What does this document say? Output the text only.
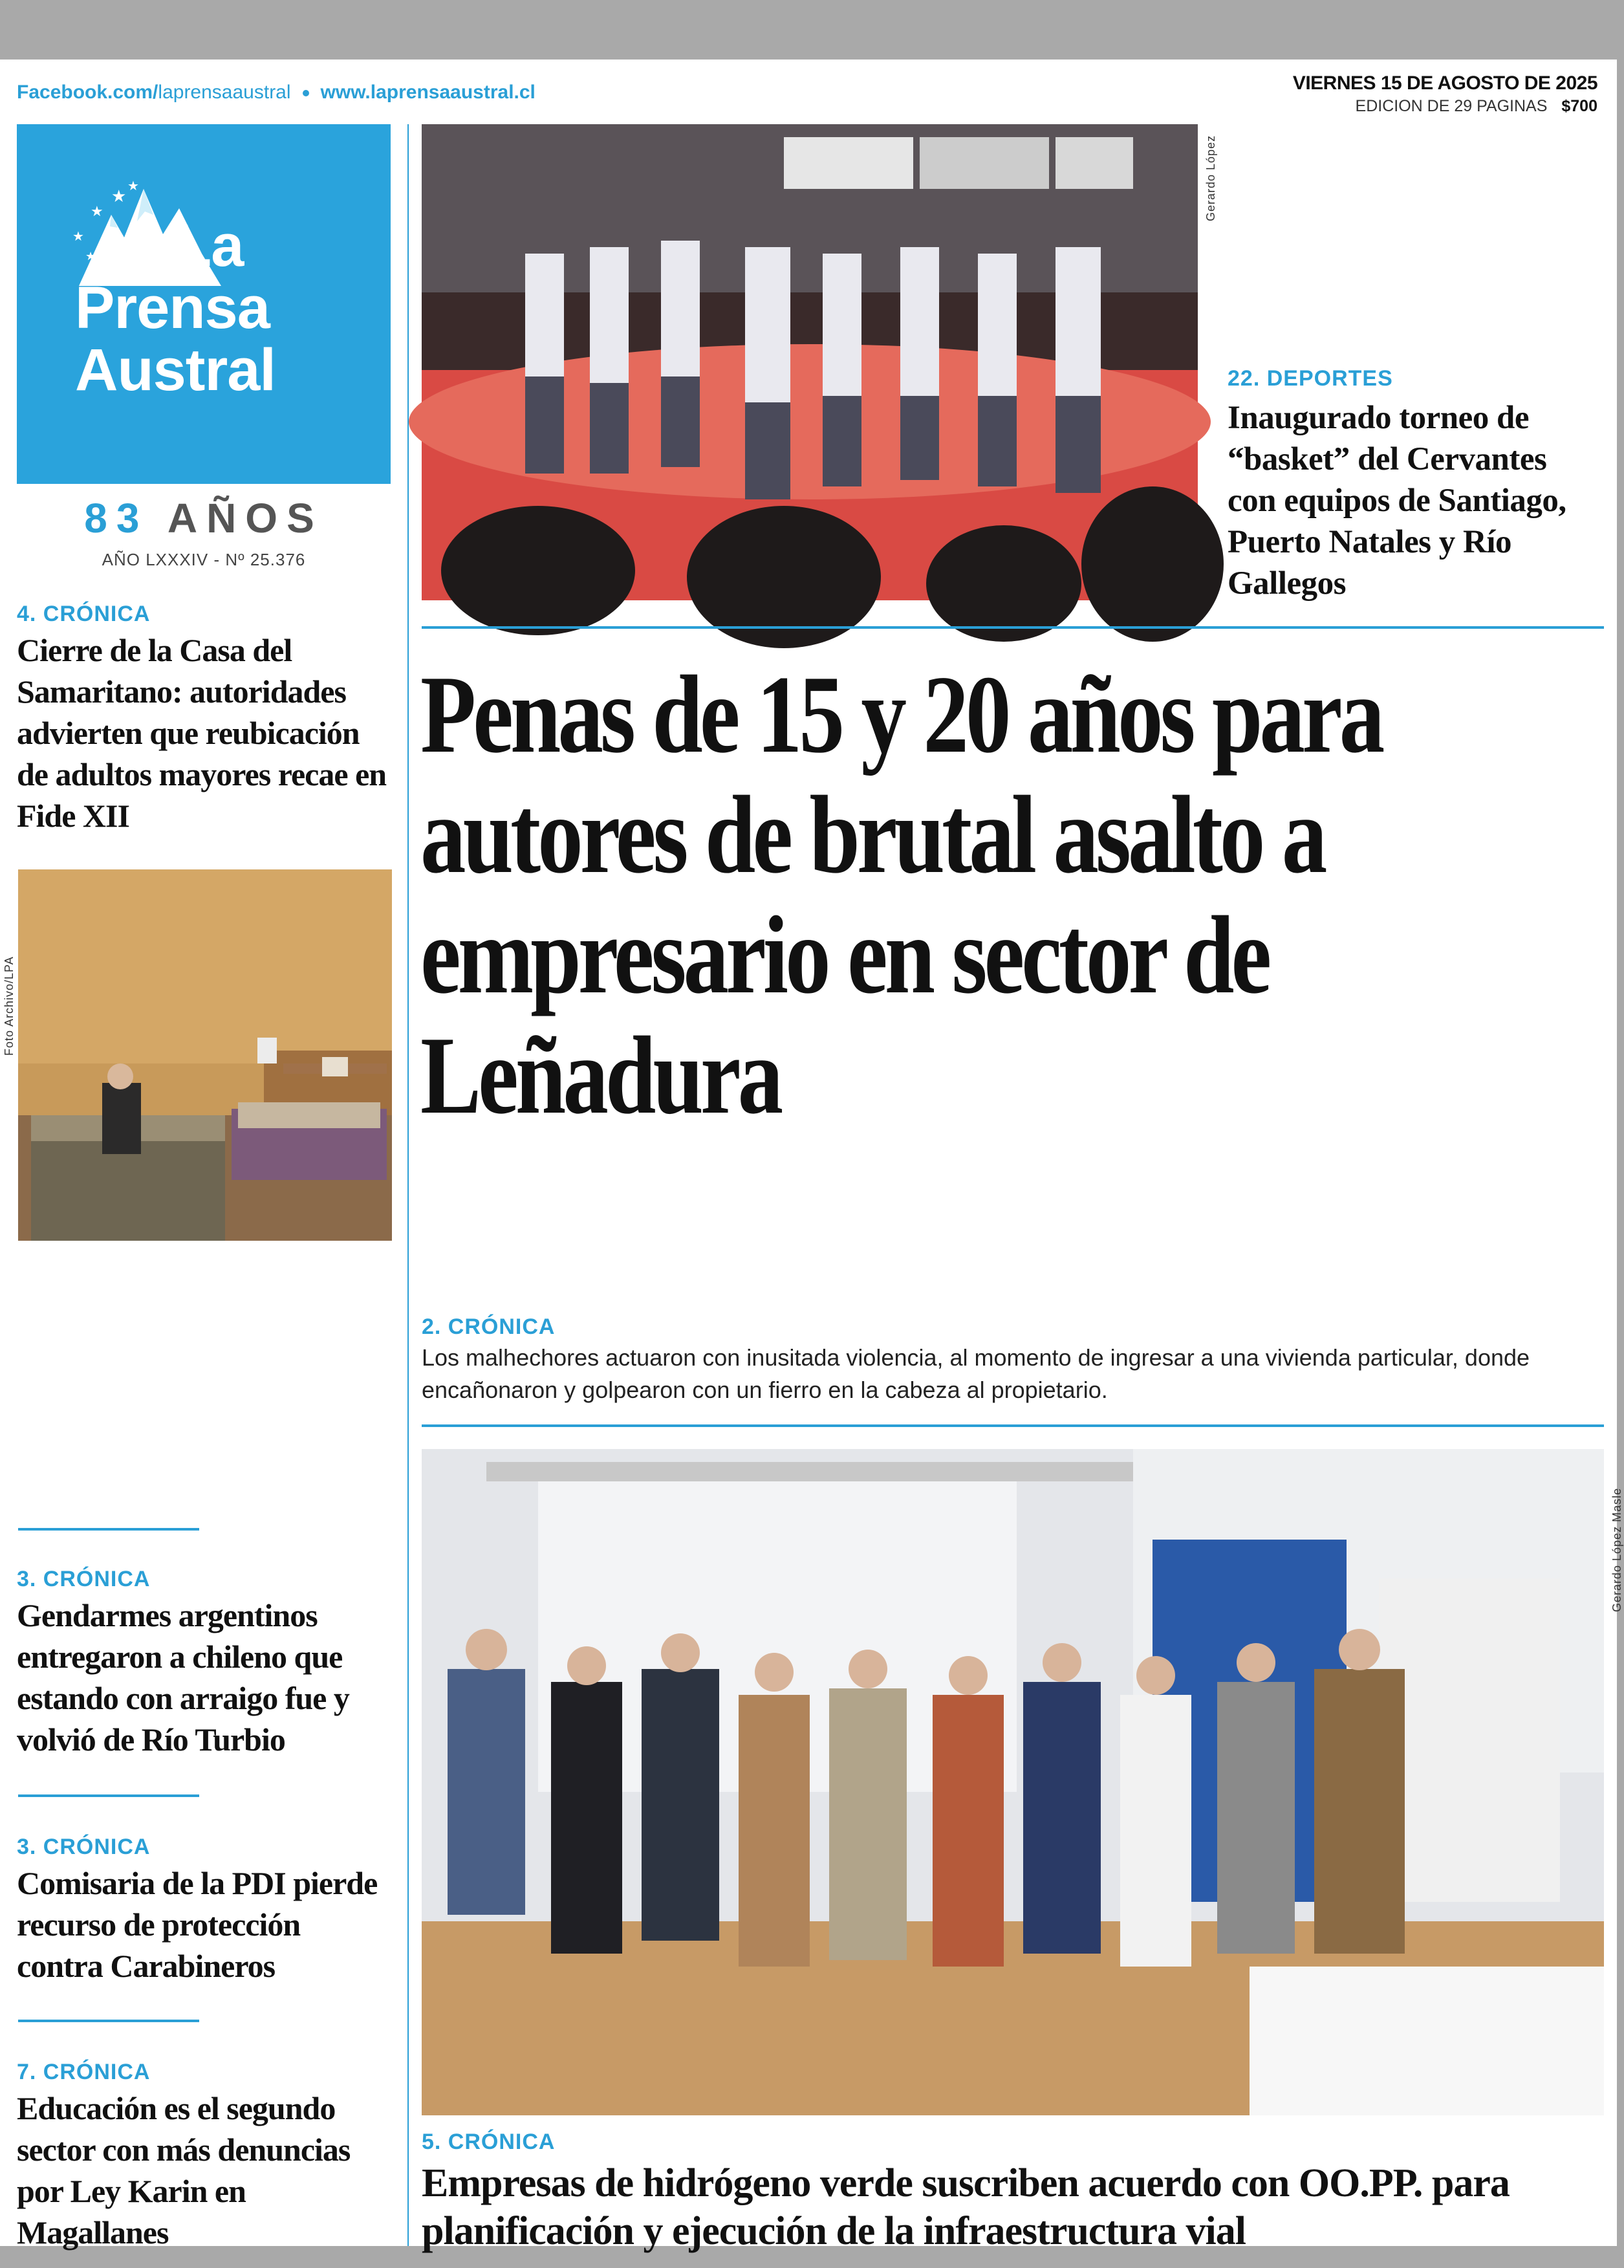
Facebook.com/laprensaaustral www.laprensaaustral.cl	VIERNES 15 DE AGOSTO DE 2025
EDICION DE 29 PAGINAS $700
★
★
★
★
★	La
Prensa
Austral
83 AÑOS
AÑO LXXXIV - Nº 25.376
4. CRÓNICA
Cierre de la Casa del Samaritano: autoridades advierten que reubicación de adultos mayores recae en Fide XII
Foto Archivo/LPA
3. CRÓNICA
Gendarmes argentinos entregaron a chileno que estando con arraigo fue y volvió de Río Turbio
3. CRÓNICA
Comisaria de la PDI pierde recurso de protección contra Carabineros
7. CRÓNICA
Educación es el segundo sector con más denuncias por Ley Karin en Magallanes
Gerardo López
22. DEPORTES
Inaugurado torneo de “basket” del Cervantes con equipos de Santiago, Puerto Natales y Río Gallegos
Penas de 15 y 20 años para autores de brutal asalto a empresario en sector de Leñadura
2. CRÓNICA
Los malhechores actuaron con inusitada violencia, al momento de ingresar a una vivienda particular, donde encañonaron y golpearon con un fierro en la cabeza al propietario.
Gerardo López Masle
5. CRÓNICA
Empresas de hidrógeno verde suscriben acuerdo con OO.PP. para planificación y ejecución de la infraestructura vial
